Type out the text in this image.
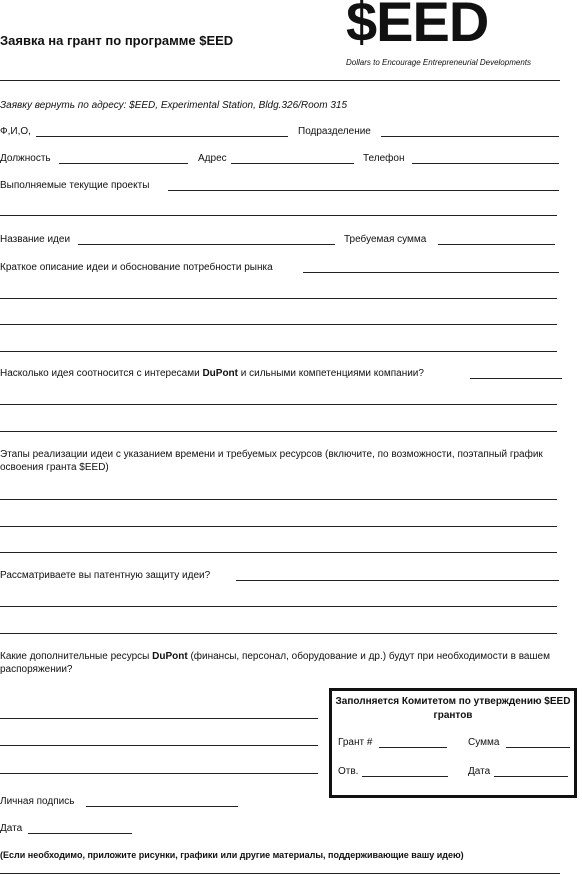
Заявка на грант по программе $EED $EED
Dollars to Encourage Entrepreneurial Developments
Заявку вернуть по адресу: $EED, Experimental Station, Bldg.326/Room 315
Ф,И,О,	Подразделение
Должность	Адрес	Телефон
Выполняемые текущие проекты
Название идеи	Требуемая сумма
Краткое описание идеи и обоснование потребности рынка
Насколько идея соотносится с интересами DuPont и сильными компетенциями компании?
Этапы реализации идеи с указанием времени и требуемых ресурсов (включите, по возможности, поэтапный график освоения гранта $EED)
Рассматриваете вы патентную защиту идеи?
Какие дополнительные ресурсы DuPont (финансы, персонал, оборудование и др.) будут при необходимости в вашем распоряжении?
Заполняется Комитетом по утверждению $EED грантов
Грант #	Сумма
Отв.	Дата
Личная подпись
Дата
(Если необходимо, приложите рисунки, графики или другие материалы, поддерживающие вашу идею)
